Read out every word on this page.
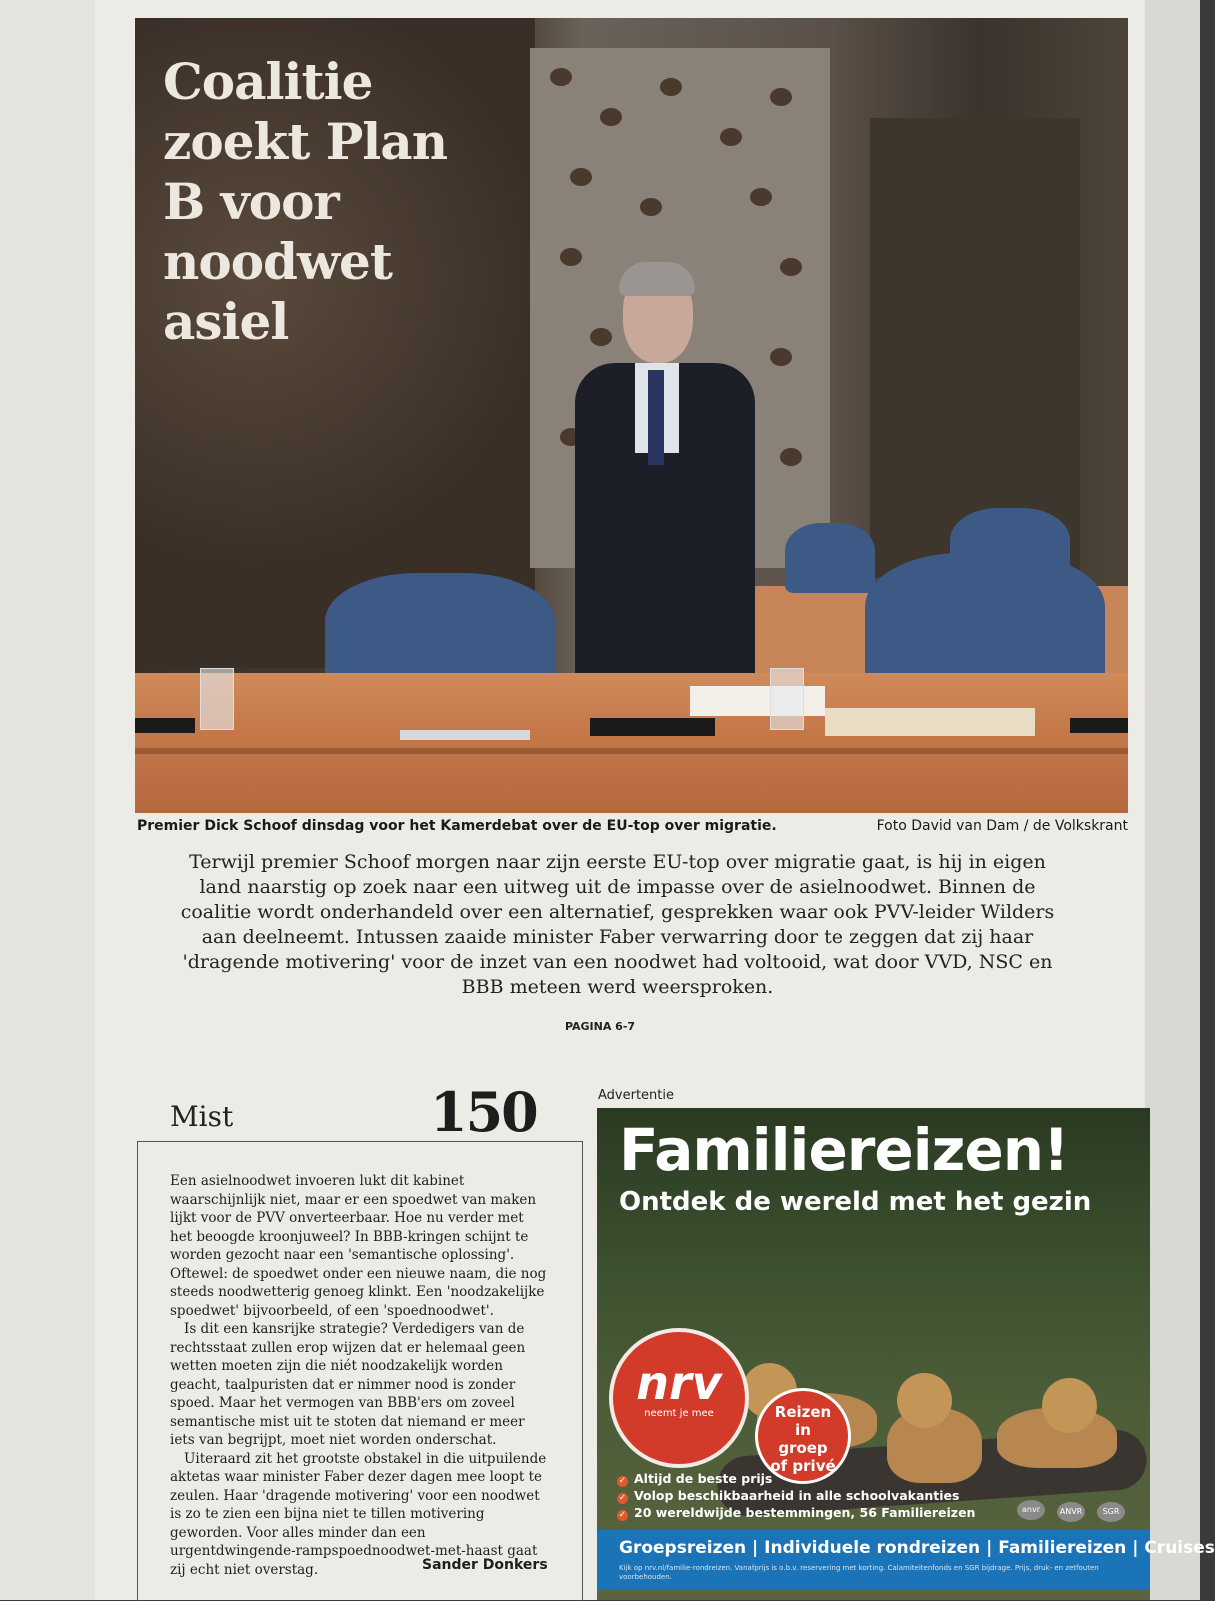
Coalitie zoekt Plan B voor noodwet asiel
Premier Dick Schoof dinsdag voor het Kamerdebat over de EU-top over migratie.	Foto David van Dam / de Volkskrant

Terwijl premier Schoof morgen naar zijn eerste EU-top over migratie gaat, is hij in eigen land naarstig op zoek naar een uitweg uit de impasse over de asielnoodwet. Binnen de coalitie wordt onderhandeld over een alternatief, gesprekken waar ook PVV-leider Wilders aan deelneemt. Intussen zaaide minister Faber verwarring door te zeggen dat zij haar 'dragende motivering' voor de inzet van een noodwet had voltooid, wat door VVD, NSC en BBB meteen werd weersproken.

PAGINA 6-7
Mist	150

Een asielnoodwet invoeren lukt dit kabinet waarschijnlijk niet, maar er een spoedwet van maken lijkt voor de PVV onverteerbaar. Hoe nu verder met het beoogde kroonjuweel? In BBB-kringen schijnt te worden gezocht naar een 'semantische oplossing'. Oftewel: de spoedwet onder een nieuwe naam, die nog steeds noodwetterig genoeg klinkt. Een 'noodzakelijke spoedwet' bijvoorbeeld, of een 'spoednoodwet'.

Is dit een kansrijke strategie? Verdedigers van de rechtsstaat zullen erop wijzen dat er helemaal geen wetten moeten zijn die niét noodzakelijk worden geacht, taalpuristen dat er nimmer nood is zonder spoed. Maar het vermogen van BBB'ers om zoveel semantische mist uit te stoten dat niemand er meer iets van begrijpt, moet niet worden onderschat.

Uiteraard zit het grootste obstakel in die uitpuilende aktetas waar minister Faber dezer dagen mee loopt te zeulen. Haar 'dragende motivering' voor een noodwet is zo te zien een bijna niet te tillen motivering geworden. Voor alles minder dan een urgentdwingende-rampspoednoodwet-met-haast gaat zij echt niet overstag.	Sander Donkers
Advertentie
Familiereizen!
Ontdek de wereld met het gezin
nrv
neemt je mee	Reizen
in
groep
of privé
✓ Altijd de beste prijs
✓ Volop beschikbaarheid in alle schoolvakanties
✓ 20 wereldwijde bestemmingen, 56 Familiereizen	anvr	ANVR	SGR
Groepsreizen | Individuele rondreizen | Familiereizen | Cruises
Kijk op nrv.nl/familie-rondreizen. Vanafprijs is o.b.v. reservering met korting. Calamiteitenfonds en SGR bijdrage. Prijs, druk- en zetfouten voorbehouden.
